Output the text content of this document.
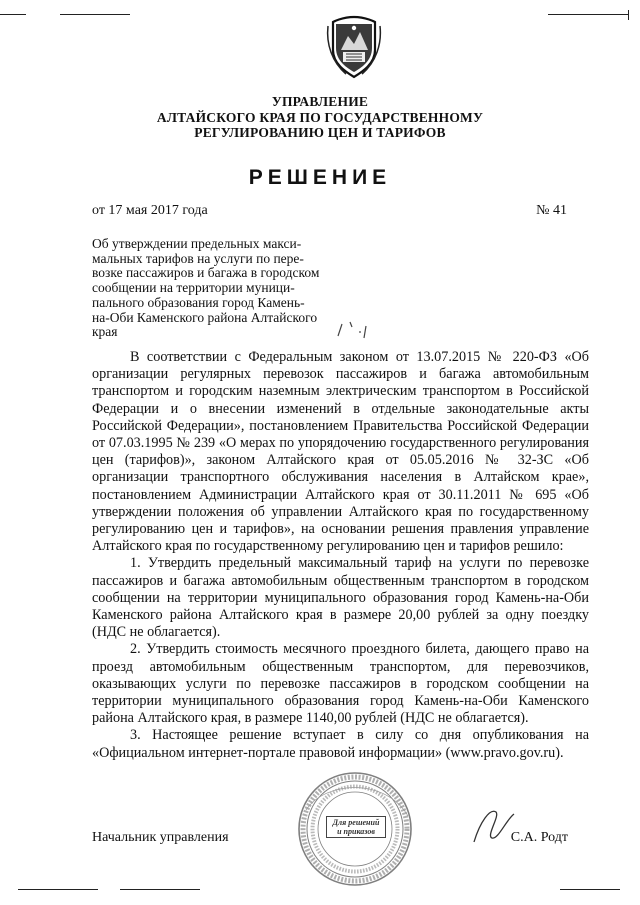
УПРАВЛЕНИЕ
АЛТАЙСКОГО КРАЯ ПО ГОСУДАРСТВЕННОМУ
РЕГУЛИРОВАНИЮ ЦЕН И ТАРИФОВ
РЕШЕНИЕ
от 17 мая 2017 года	№ 41
Об утверждении предельных макси-
мальных тарифов на услуги по пере-
возке пассажиров и багажа в городском
сообщении на территории муници-
пального образования город Камень-
на-Оби Каменского района Алтайского
края

В соответствии с Федеральным законом от 13.07.2015 № 220-ФЗ «Об организации регулярных перевозок пассажиров и багажа автомобильным транспортом и городским наземным электрическим транспортом в Российской Федерации и о внесении изменений в отдельные законодательные акты Российской Федерации», постановлением Правительства Российской Федерации от 07.03.1995 № 239 «О мерах по упорядочению государственного регулирования цен (тарифов)», законом Алтайского края от 05.05.2016 № 32-ЗС «Об организации транспортного обслуживания населения в Алтайском крае», постановлением Администрации Алтайского края от 30.11.2011 № 695 «Об утверждении положения об управлении Алтайского края по государственному регулированию цен и тарифов», на основании решения правления управление Алтайского края по государственному регулированию цен и тарифов решило:

1. Утвердить предельный максимальный тариф на услуги по перевозке пассажиров и багажа автомобильным общественным транспортом в городском сообщении на территории муниципального образования город Камень-на-Оби Каменского района Алтайского края в размере 20,00 рублей за одну поездку (НДС не облагается).

2. Утвердить стоимость месячного проездного билета, дающего право на проезд автомобильным общественным транспортом, для перевозчиков, оказывающих услуги по перевозке пассажиров в городском сообщении на территории муниципального образования город Камень-на-Оби Каменского района Алтайского края, в размере 1140,00 рублей (НДС не облагается).

3. Настоящее решение вступает в силу со дня опубликования на «Официальном интернет-портале правовой информации» (www.pravo.gov.ru).

Для решений
и приказов
Начальник управления	С.А. Родт
